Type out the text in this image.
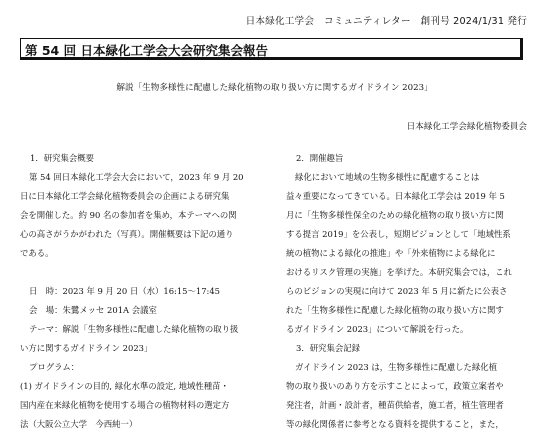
日本緑化工学会　コミュニティレター　創刊号 2024/1/31 発行
第 54 回 日本緑化工学会大会研究集会報告
解説「生物多様性に配慮した緑化植物の取り扱い方に関するガイドライン 2023」
日本緑化工学会緑化植物委員会
1．研究集会概要
第 54 回日本緑化工学会大会において，2023 年 9 月 20
日に日本緑化工学会緑化植物委員会の企画による研究集
会を開催した。約 90 名の参加者を集め，本テーマへの関
心の高さがうかがわれた（写真）。開催概要は下記の通り
である。
日　時：2023 年 9 月 20 日（水）16:15～17:45
会　場：朱鷺メッセ 201A 会議室
テーマ：解説「生物多様性に配慮した緑化植物の取り扱
い方に関するガイドライン 2023」
プログラム：
(1) ガイドラインの目的, 緑化水準の設定, 地域性種苗・
国内産在来緑化植物を使用する場合の植物材料の選定方
法（大阪公立大学　今西純一）
2．開催趣旨
緑化において地域の生物多様性に配慮することは
益々重要になってきている。日本緑化工学会は 2019 年 5
月に「生物多様性保全のための緑化植物の取り扱い方に関
する提言 2019」を公表し，短期ビジョンとして「地域性系
統の植物による緑化の推進」や「外来植物による緑化に
おけるリスク管理の実施」を挙げた。本研究集会では，これ
らのビジョンの実現に向けて 2023 年 5 月に新たに公表さ
れた「生物多様性に配慮した緑化植物の取り扱い方に関す
るガイドライン 2023」について解説を行った。
3．研究集会記録
ガイドライン 2023 は，生物多様性に配慮した緑化植
物の取り扱いのあり方を示すことによって，政策立案者や
発注者，計画・設計者，種苗供給者，施工者，植生管理者
等の緑化関係者に参考となる資料を提供すること，また，
